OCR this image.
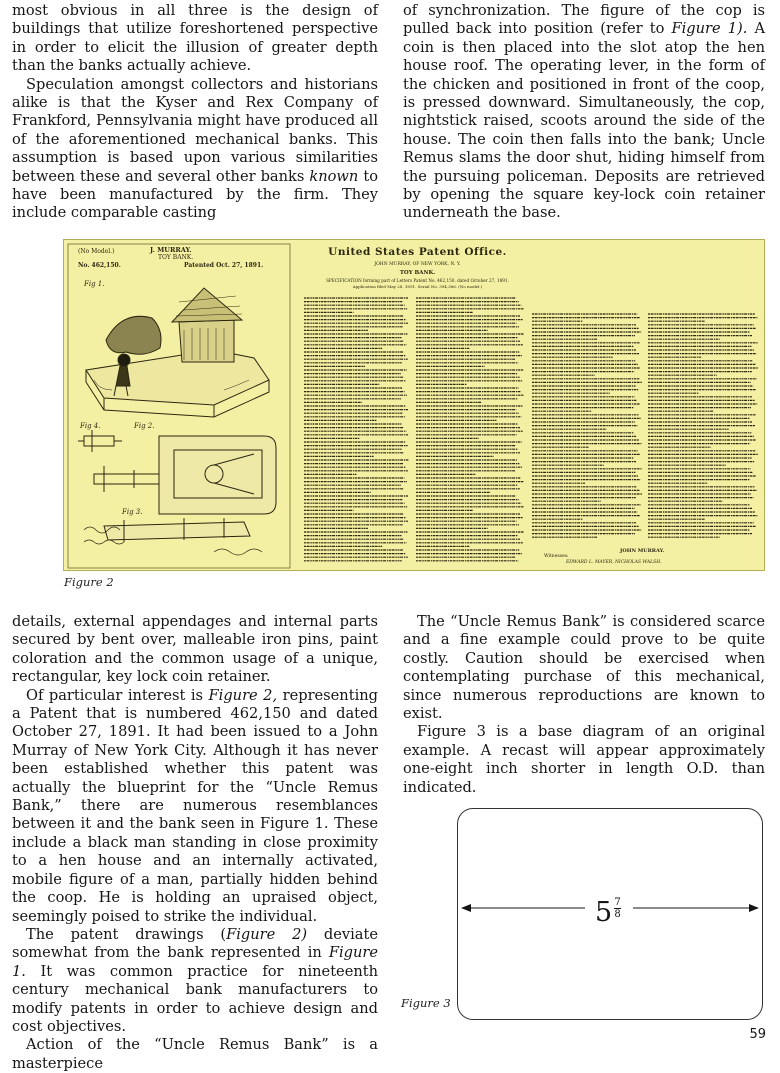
most obvious in all three is the design of buildings that utilize foreshortened perspective in order to elicit the illusion of greater depth than the banks actually achieve.

Speculation amongst collectors and historians alike is that the Kyser and Rex Company of Frankford, Pennsylvania might have produced all of the aforementioned mechanical banks. This assumption is based upon various similarities between these and several other banks known to have been manufactured by the firm. They include comparable casting

of synchronization. The figure of the cop is pulled back into position (refer to Figure 1). A coin is then placed into the slot atop the hen house roof. The operating lever, in the form of the chicken and positioned in front of the coop, is pressed downward. Simultaneously, the cop, nightstick raised, scoots around the side of the house. The coin then falls into the bank; Uncle Remus slams the door shut, hiding himself from the pursuing policeman. Deposits are retrieved by opening the square key-lock coin retainer underneath the base.

(No Model.)	J. MURRAY.
TOY BANK.
No. 462,150.	Patented Oct. 27, 1891.
Fig 1.
Fig 4.	Fig 2.
Fig 3.
United States Patent Office.
JOHN MURRAY, OF NEW YORK, N. Y.
TOY BANK.
SPECIFICATION forming part of Letters Patent No. 462,150, dated October 27, 1891.
Application filed May 28, 1891. Serial No. 394,386. (No model.)
Witnesses:
EDWARD L. MAYER, NICHOLAS WALSH.
JOHN MURRAY.
Figure 2

details, external appendages and internal parts secured by bent over, malleable iron pins, paint coloration and the common usage of a unique, rectangular, key lock coin retainer.

Of particular interest is Figure 2, representing a Patent that is numbered 462,150 and dated October 27, 1891. It had been issued to a John Murray of New York City. Although it has never been established whether this patent was actually the blueprint for the “Uncle Remus Bank,” there are numerous resemblances between it and the bank seen in Figure 1. These include a black man standing in close proximity to a hen house and an internally activated, mobile figure of a man, partially hidden behind the coop. He is holding an upraised object, seemingly poised to strike the individual.

The patent drawings (Figure 2) deviate somewhat from the bank represented in Figure 1. It was common practice for nineteenth century mechanical bank manufacturers to modify patents in order to achieve design and cost objectives.

Action of the “Uncle Remus Bank” is a masterpiece

The “Uncle Remus Bank” is considered scarce and a fine example could prove to be quite costly. Caution should be exercised when contemplating purchase of this mechanical, since numerous reproductions are known to exist.

Figure 3 is a base diagram of an original example. A recast will appear approximately one-eight inch shorter in length O.D. than indicated.

5 7
8
Figure 3
59
